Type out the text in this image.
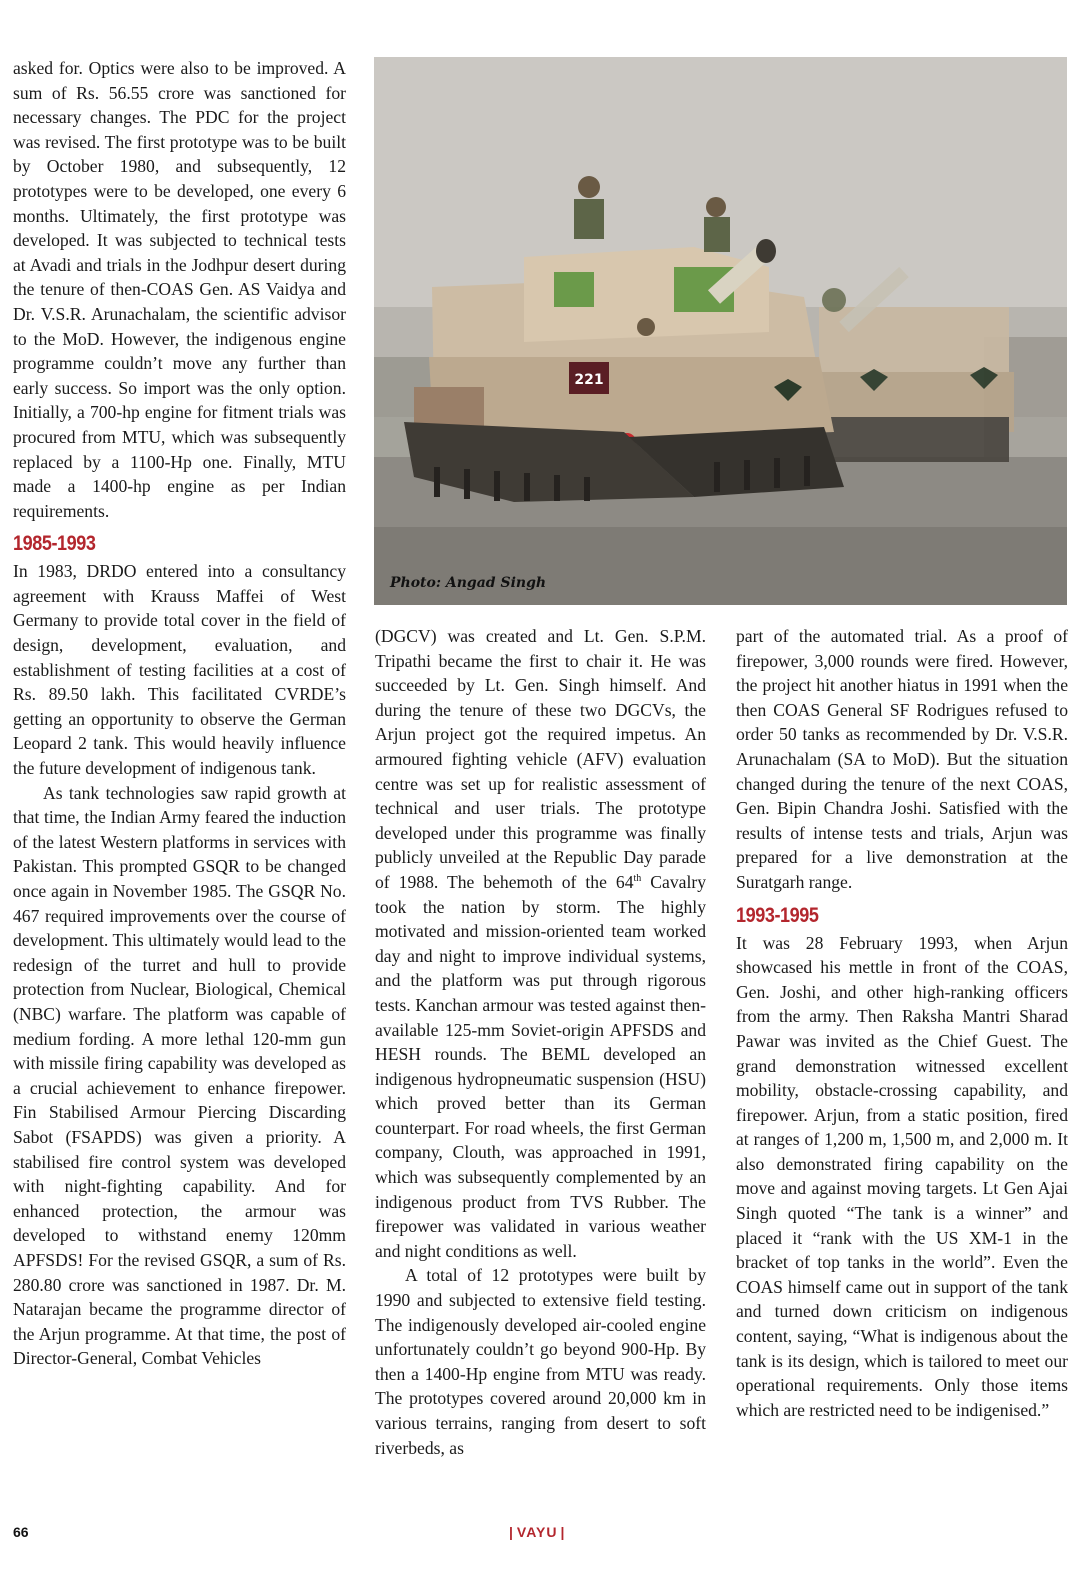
asked for. Optics were also to be improved. A sum of Rs. 56.55 crore was sanctioned for necessary changes. The PDC for the project was revised. The first prototype was to be built by October 1980, and subsequently, 12 prototypes were to be developed, one every 6 months. Ultimately, the first prototype was developed. It was subjected to technical tests at Avadi and trials in the Jodhpur desert during the tenure of then-COAS Gen. AS Vaidya and Dr. V.S.R. Arunachalam, the scientific advisor to the MoD. However, the indigenous engine programme couldn’t move any further than early success. So import was the only option. Initially, a 700-hp engine for fitment trials was procured from MTU, which was subsequently replaced by a 1100-Hp one. Finally, MTU made a 1400-hp engine as per Indian requirements.

1985-1993

In 1983, DRDO entered into a consultancy agreement with Krauss Maffei of West Germany to provide total cover in the field of design, development, evaluation, and establishment of testing facilities at a cost of Rs. 89.50 lakh. This facilitated CVRDE’s getting an opportunity to observe the German Leopard 2 tank. This would heavily influence the future development of indigenous tank.

As tank technologies saw rapid growth at that time, the Indian Army feared the induction of the latest Western platforms in services with Pakistan. This prompted GSQR to be changed once again in November 1985. The GSQR No. 467 required improvements over the course of development. This ultimately would lead to the redesign of the turret and hull to provide protection from Nuclear, Biological, Chemical (NBC) warfare. The platform was capable of medium fording. A more lethal 120-mm gun with missile firing capability was developed as a crucial achievement to enhance firepower. Fin Stabilised Armour Piercing Discarding Sabot (FSAPDS) was given a priority. A stabilised fire control system was developed with night-fighting capability. And for enhanced protection, the armour was developed to withstand enemy 120mm APFSDS! For the revised GSQR, a sum of Rs. 280.80 crore was sanctioned in 1987. Dr. M. Natarajan became the programme director of the Arjun programme. At that time, the post of Director-General, Combat Vehicles

221
Photo: Angad Singh

(DGCV) was created and Lt. Gen. S.P.M. Tripathi became the first to chair it. He was succeeded by Lt. Gen. Singh himself. And during the tenure of these two DGCVs, the Arjun project got the required impetus. An armoured fighting vehicle (AFV) evaluation centre was set up for realistic assessment of technical and user trials. The prototype developed under this programme was finally publicly unveiled at the Republic Day parade of 1988. The behemoth of the 64th Cavalry took the nation by storm. The highly motivated and mission-oriented team worked day and night to improve individual systems, and the platform was put through rigorous tests. Kanchan armour was tested against then-available 125-mm Soviet-origin APFSDS and HESH rounds. The BEML developed an indigenous hydropneumatic suspension (HSU) which proved better than its German counterpart. For road wheels, the first German company, Clouth, was approached in 1991, which was subsequently complemented by an indigenous product from TVS Rubber. The firepower was validated in various weather and night conditions as well.

A total of 12 prototypes were built by 1990 and subjected to extensive field testing. The indigenously developed air-cooled engine unfortunately couldn’t go beyond 900-Hp. By then a 1400-Hp engine from MTU was ready. The prototypes covered around 20,000 km in various terrains, ranging from desert to soft riverbeds, as

part of the automated trial. As a proof of firepower, 3,000 rounds were fired. However, the project hit another hiatus in 1991 when the then COAS General SF Rodrigues refused to order 50 tanks as recommended by Dr. V.S.R. Arunachalam (SA to MoD). But the situation changed during the tenure of the next COAS, Gen. Bipin Chandra Joshi. Satisfied with the results of intense tests and trials, Arjun was prepared for a live demonstration at the Suratgarh range.

1993-1995

It was 28 February 1993, when Arjun showcased his mettle in front of the COAS, Gen. Joshi, and other high-ranking officers from the army. Then Raksha Mantri Sharad Pawar was invited as the Chief Guest. The grand demonstration witnessed excellent mobility, obstacle-crossing capability, and firepower. Arjun, from a static position, fired at ranges of 1,200 m, 1,500 m, and 2,000 m. It also demonstrated firing capability on the move and against moving targets. Lt Gen Ajai Singh quoted “The tank is a winner” and placed it “rank with the US XM-1 in the bracket of top tanks in the world”. Even the COAS himself came out in support of the tank and turned down criticism on indigenous content, saying, “What is indigenous about the tank is its design, which is tailored to meet our operational requirements. Only those items which are restricted need to be indigenised.”

66	| VAYU |
